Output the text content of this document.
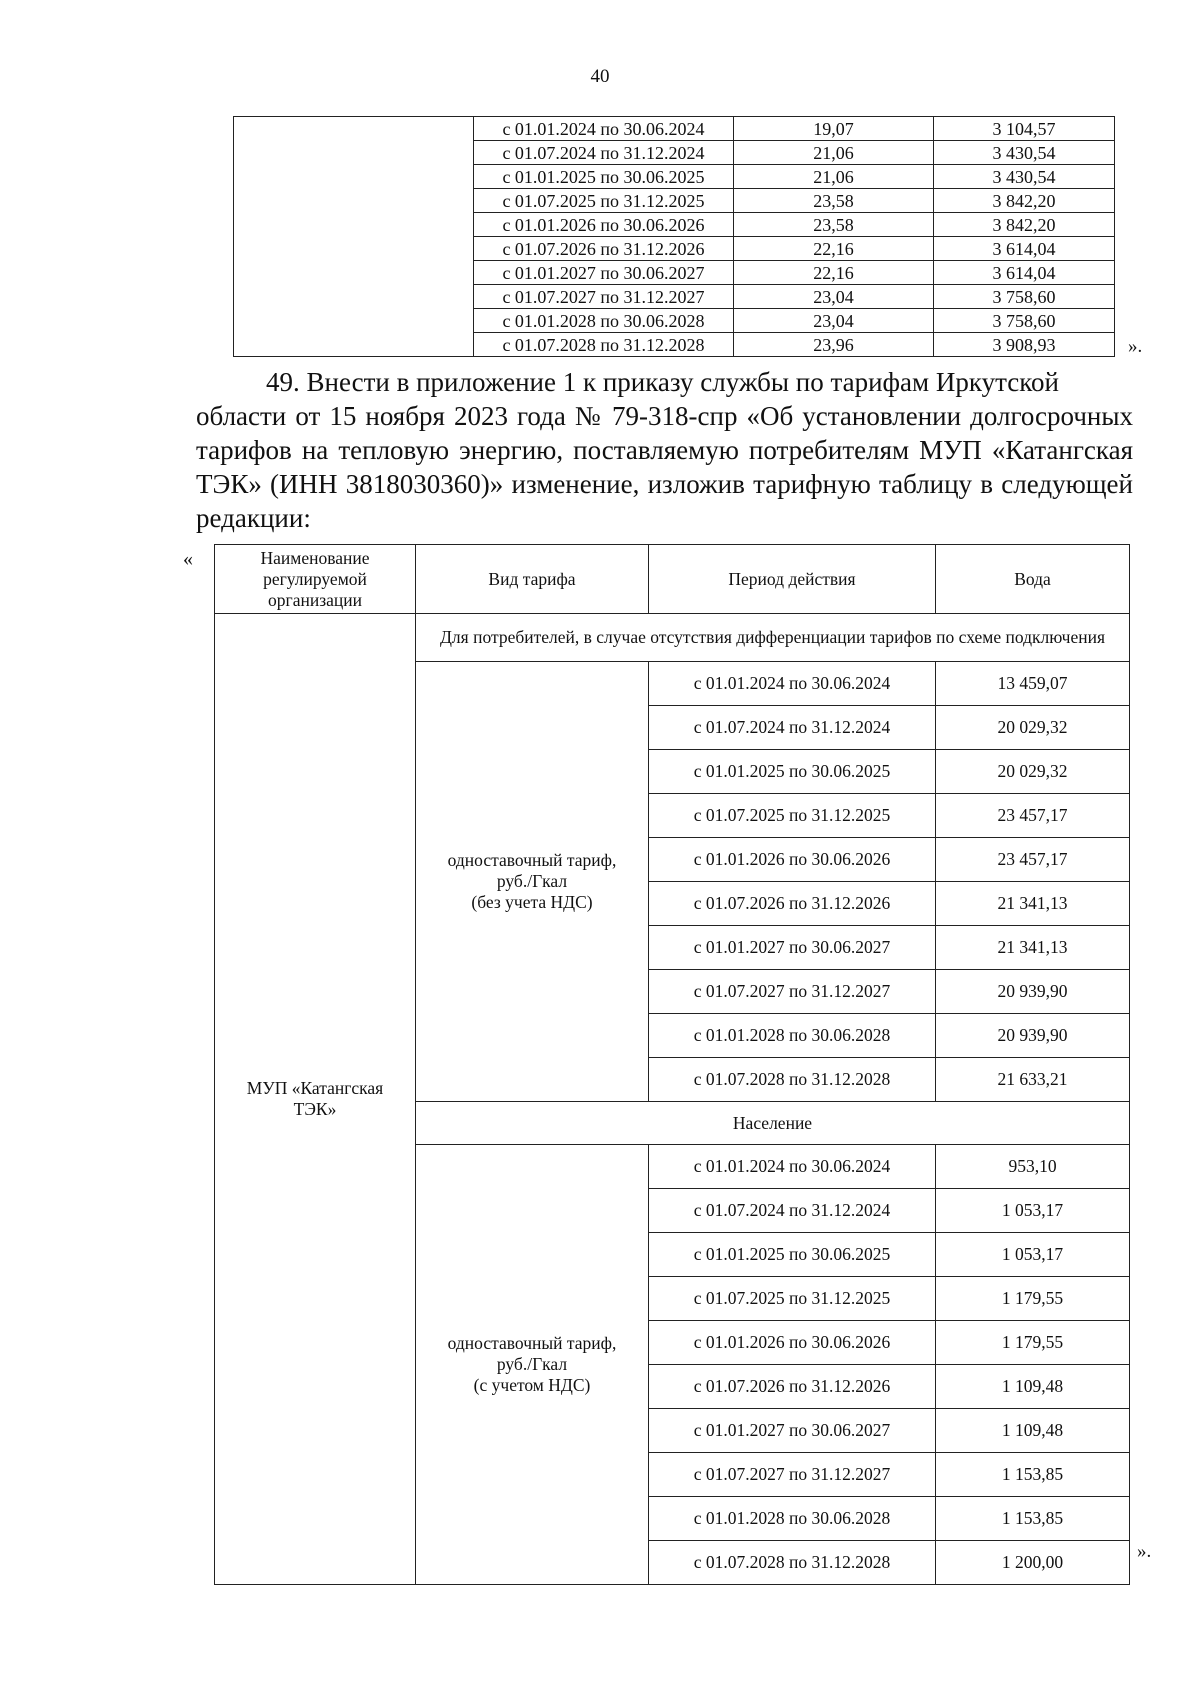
40
	с 01.01.2024 по 30.06.2024	19,07	3 104,57
	с 01.07.2024 по 31.12.2024	21,06	3 430,54
	с 01.01.2025 по 30.06.2025	21,06	3 430,54
	с 01.07.2025 по 31.12.2025	23,58	3 842,20
	с 01.01.2026 по 30.06.2026	23,58	3 842,20
	с 01.07.2026 по 31.12.2026	22,16	3 614,04
	с 01.01.2027 по 30.06.2027	22,16	3 614,04
	с 01.07.2027 по 31.12.2027	23,04	3 758,60
	с 01.01.2028 по 30.06.2028	23,04	3 758,60
	с 01.07.2028 по 31.12.2028	23,96	3 908,93	».

49. Внести в приложение 1 к приказу службы по тарифам Иркутской

области от 15 ноября 2023 года № 79-318-спр «Об установлении долгосрочных тарифов на тепловую энергию, поставляемую потребителям МУП «Катангская ТЭК» (ИНН 3818030360)» изменение, изложив тарифную таблицу в следующей редакции:

«	Наименование регулируемой организации	Вид тарифа	Период действия	Вода
МУП «Катангская ТЭК»	Для потребителей, в случае отсутствия дифференциации тарифов по схеме подключения		

	одноставочный тариф,
руб./Гкал
(без учета НДС)	с 01.01.2024 по 30.06.2024	13 459,07
		с 01.07.2024 по 31.12.2024	20 029,32
		с 01.01.2025 по 30.06.2025	20 029,32
		с 01.07.2025 по 31.12.2025	23 457,17
		с 01.01.2026 по 30.06.2026	23 457,17
		с 01.07.2026 по 31.12.2026	21 341,13
		с 01.01.2027 по 30.06.2027	21 341,13
		с 01.07.2027 по 31.12.2027	20 939,90
		с 01.01.2028 по 30.06.2028	20 939,90
		с 01.07.2028 по 31.12.2028	21 633,21
	Население		

	одноставочный тариф,
руб./Гкал
(с учетом НДС)	с 01.01.2024 по 30.06.2024	953,10
		с 01.07.2024 по 31.12.2024	1 053,17
		с 01.01.2025 по 30.06.2025	1 053,17
		с 01.07.2025 по 31.12.2025	1 179,55
		с 01.01.2026 по 30.06.2026	1 179,55
		с 01.07.2026 по 31.12.2026	1 109,48
		с 01.01.2027 по 30.06.2027	1 109,48
		с 01.07.2027 по 31.12.2027	1 153,85
		с 01.01.2028 по 30.06.2028	1 153,85
		с 01.07.2028 по 31.12.2028	1 200,00	».
